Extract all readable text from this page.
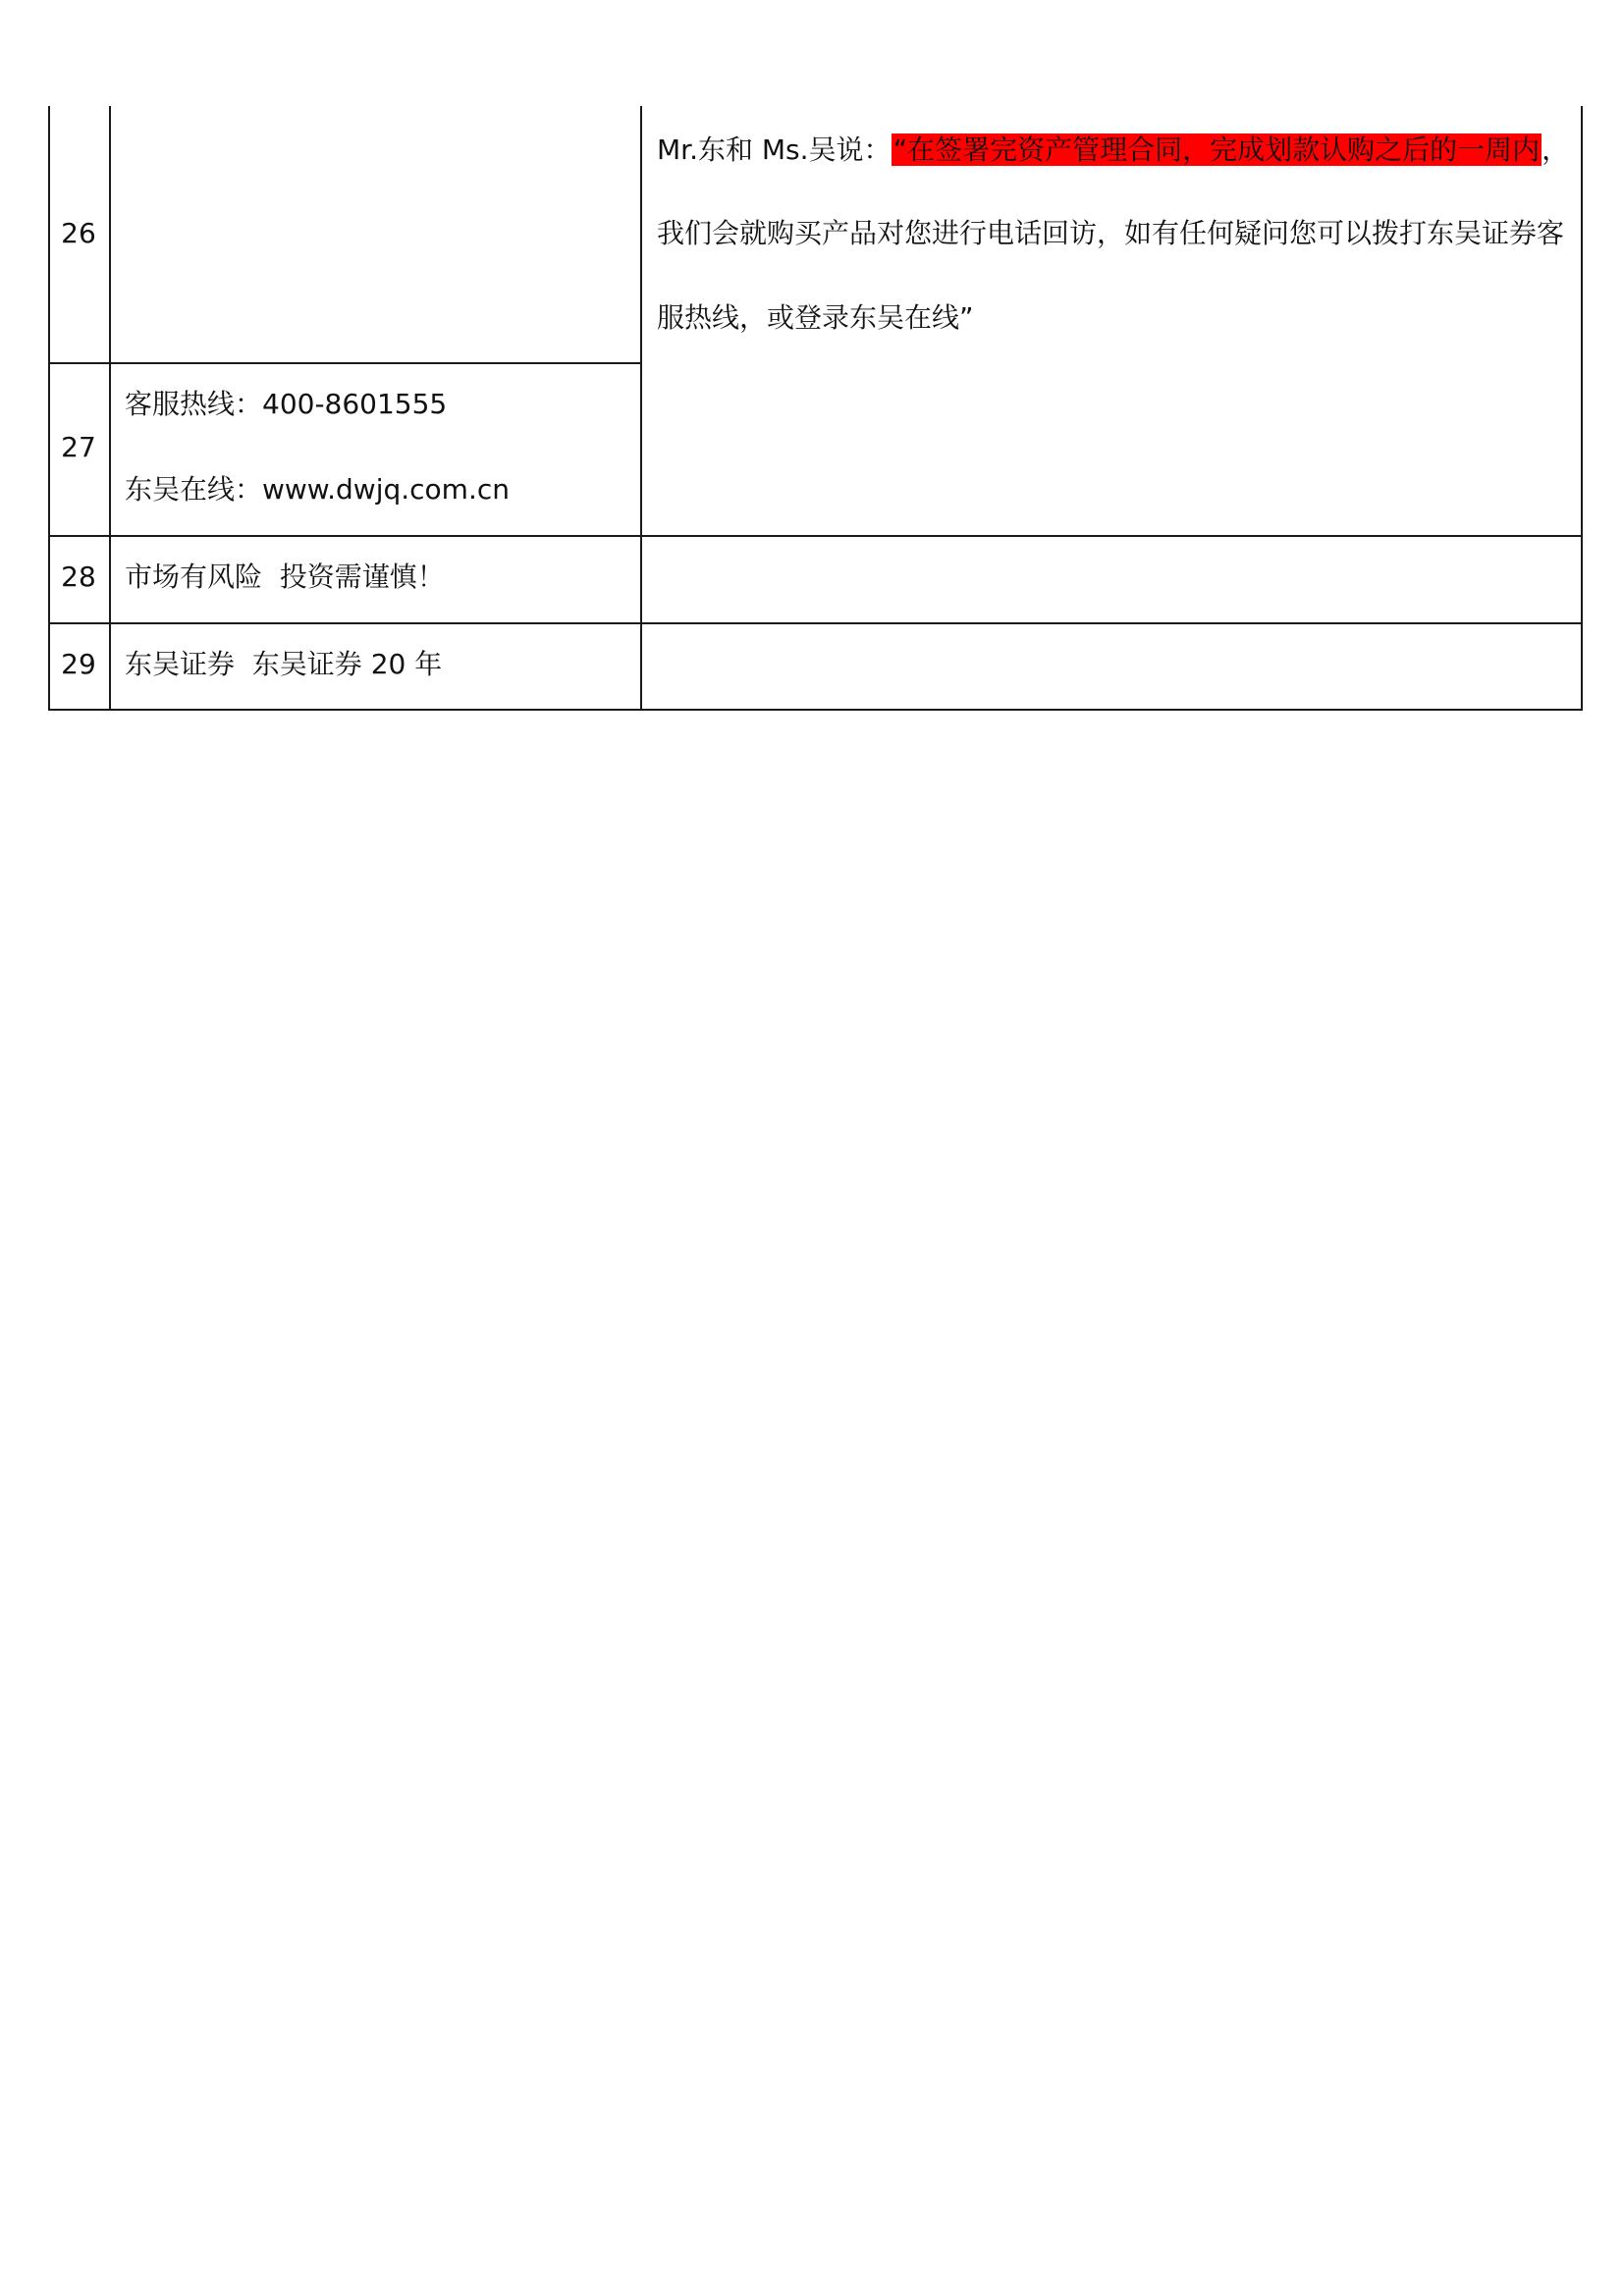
26
Mr.东和 Ms.吴说：“在签署完资产管理合同，完成划款认购之后的一周内，
我们会就购买产品对您进行电话回访，如有任何疑问您可以拨打东吴证券客
服热线，或登录东吴在线”
27
客服热线：400-8601555
东吴在线：www.dwjq.com.cn
28	市场有风险  投资需谨慎！
29	东吴证券  东吴证券 20 年
